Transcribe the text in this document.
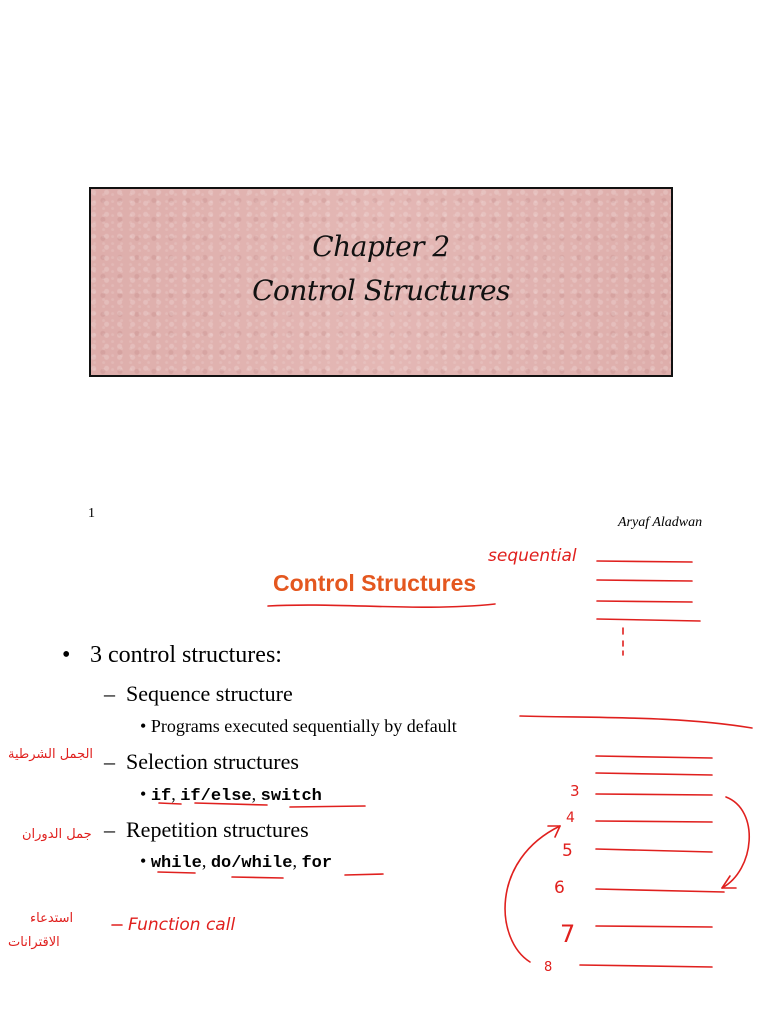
Chapter 2
Control Structures
1
Aryaf Aladwan
Control Structures
• 3 control structures:
– Sequence structure
• Programs executed sequentially by default
– Selection structures
• if, if/else, switch
– Repetition structures
• while, do/while, for
sequential
3
4
5
6
7
8
Function call
الجمل الشرطية
جمل الدوران
استدعاء
الاقترانات
